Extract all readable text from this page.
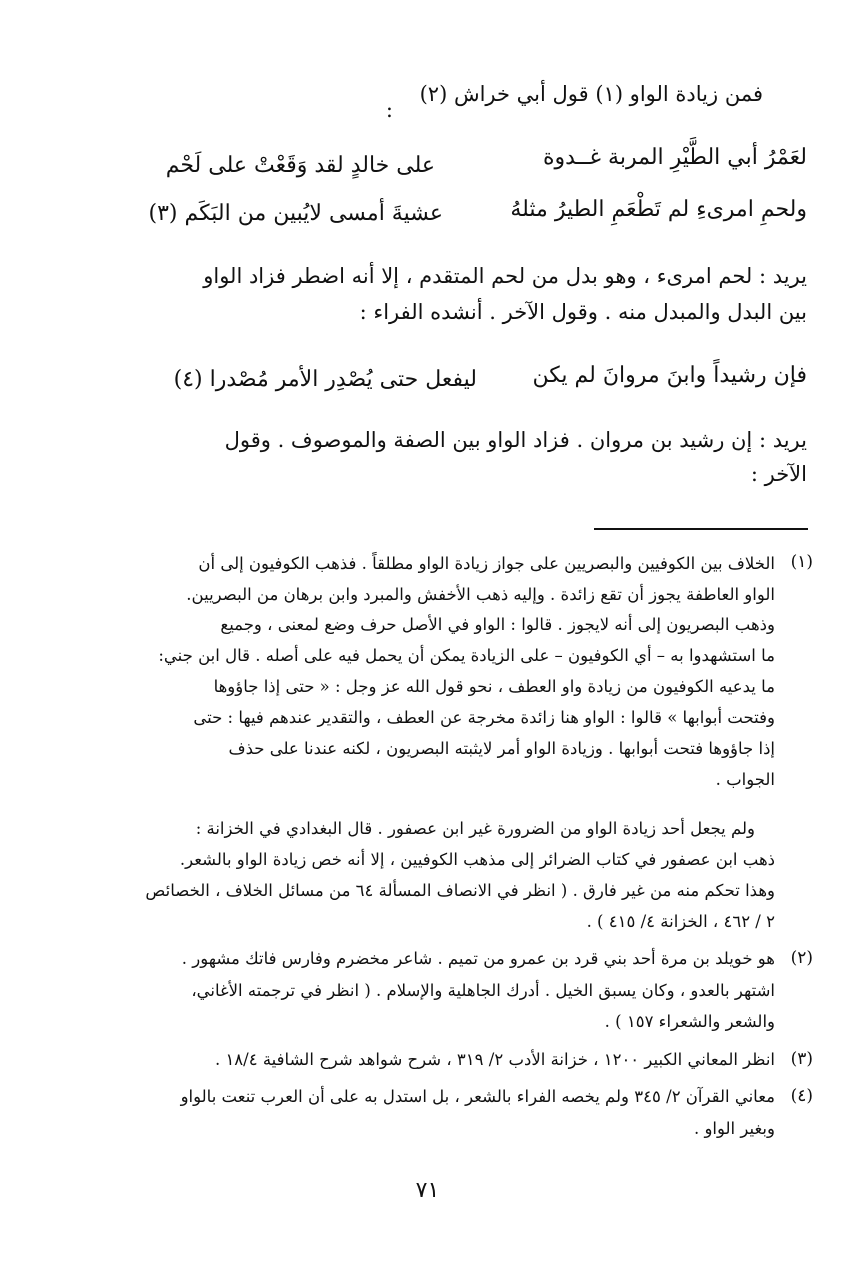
فمن زيادة الواو (١) قول أبي خراش (٢)
:
لعَمْرُ أبي الطَّيْرِ المربة غــدوة
على خالدٍ لقد وَقَعْتْ على لَحْم
ولحمِ امرىءِ لم تَطْعَمِ الطيرُ مثلهُ
عشيةَ أمسى لايُبين من البَكَم (٣)
يريد : لحم امرىء ، وهو بدل من لحم المتقدم ، إلا أنه اضطر فزاد الواو
بين البدل والمبدل منه . وقول الآخر . أنشده الفراء :
فإن رشيداً وابنَ مروانَ لم يكن
ليفعل حتى يُصْدِر الأمر مُصْدرا (٤)
يريد : إن رشيد بن مروان . فزاد الواو بين الصفة والموصوف . وقول
الآخر :
(١)
الخلاف بين الكوفيين والبصريين على جواز زيادة الواو مطلقاً . فذهب الكوفيون إلى أن
الواو العاطفة يجوز أن تقع زائدة . وإليه ذهب الأخفش والمبرد وابن برهان من البصريين.
وذهب البصريون إلى أنه لايجوز . قالوا : الواو في الأصل حرف وضع لمعنى ، وجميع
ما استشهدوا به – أي الكوفيون – على الزيادة يمكن أن يحمل فيه على أصله . قال ابن جني:
ما يدعيه الكوفيون من زيادة واو العطف ، نحو قول الله عز وجل : « حتى إذا جاؤوها
وفتحت أبوابها » قالوا : الواو هنا زائدة مخرجة عن العطف ، والتقدير عندهم فيها : حتى
إذا جاؤوها فتحت أبوابها . وزيادة الواو أمر لايثبته البصريون ، لكنه عندنا على حذف
الجواب .
ولم يجعل أحد زيادة الواو من الضرورة غير ابن عصفور . قال البغدادي في الخزانة :
ذهب ابن عصفور في كتاب الضرائر إلى مذهب الكوفيين ، إلا أنه خص زيادة الواو بالشعر.
وهذا تحكم منه من غير فارق . ( انظر في الانصاف المسألة ٦٤ من مسائل الخلاف ، الخصائص
٢ / ٤٦٢ ، الخزانة ٤/ ٤١٥ ) .
(٢)
هو خويلد بن مرة أحد بني قرد بن عمرو من تميم . شاعر مخضرم وفارس فاتك مشهور .
اشتهر بالعدو ، وكان يسبق الخيل . أدرك الجاهلية والإسلام . ( انظر في ترجمته الأغاني،
والشعر والشعراء ١٥٧ ) .
(٣)
انظر المعاني الكبير ١٢٠٠ ، خزانة الأدب ٢/ ٣١٩ ، شرح شواهد شرح الشافية ١٨/٤ .
(٤)
معاني القرآن ٢/ ٣٤٥ ولم يخصه الفراء بالشعر ، بل استدل به على أن العرب تنعت بالواو
وبغير الواو .
٧١
